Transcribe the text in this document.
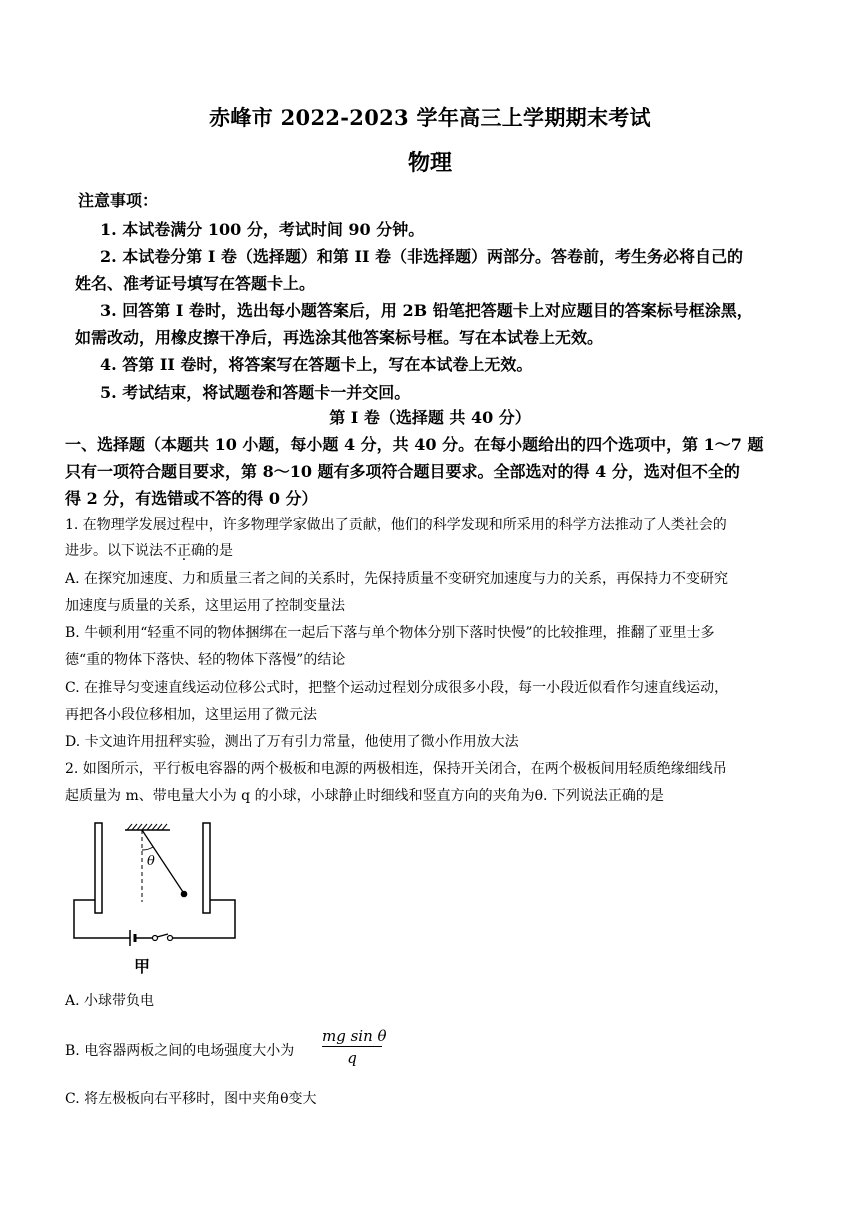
赤峰市 2022-2023 学年高三上学期期末考试
物理
注意事项：
1. 本试卷满分 100 分，考试时间 90 分钟。
2. 本试卷分第 I 卷（选择题）和第 II 卷（非选择题）两部分。答卷前，考生务必将自己的
姓名、准考证号填写在答题卡上。
3. 回答第 I 卷时，选出每小题答案后，用 2B 铅笔把答题卡上对应题目的答案标号框涂黑，
如需改动，用橡皮擦干净后，再选涂其他答案标号框。写在本试卷上无效。
4. 答第 II 卷时，将答案写在答题卡上，写在本试卷上无效。
5. 考试结束，将试题卷和答题卡一并交回。
第 I 卷（选择题 共 40 分）
一、选择题（本题共 10 小题，每小题 4 分，共 40 分。在每小题给出的四个选项中，第 1～7 题
只有一项符合题目要求，第 8～10 题有多项符合题目要求。全部选对的得 4 分，选对但不全的
得 2 分，有选错或不答的得 0 分）
1. 在物理学发展过程中，许多物理学家做出了贡献，他们的科学发现和所采用的科学方法推动了人类社会的
进步。以下说法不正确的是
A. 在探究加速度、力和质量三者之间的关系时，先保持质量不变研究加速度与力的关系，再保持力不变研究
加速度与质量的关系，这里运用了控制变量法
B. 牛顿利用“轻重不同的物体捆绑在一起后下落与单个物体分别下落时快慢”的比较推理，推翻了亚里士多
德“重的物体下落快、轻的物体下落慢”的结论
C. 在推导匀变速直线运动位移公式时，把整个运动过程划分成很多小段，每一小段近似看作匀速直线运动，
再把各小段位移相加，这里运用了微元法
D. 卡文迪许用扭秤实验，测出了万有引力常量，他使用了微小作用放大法
2. 如图所示，平行板电容器的两个极板和电源的两极相连，保持开关闭合，在两个极板间用轻质绝缘细线吊
起质量为 m、带电量大小为 q 的小球，小球静止时细线和竖直方向的夹角为θ. 下列说法正确的是
θ
甲
A. 小球带负电
B. 电容器两板之间的电场强度大小为	$\frac{\text{mg sin θ}}{q}$
C. 将左极板向右平移时，图中夹角θ变大
